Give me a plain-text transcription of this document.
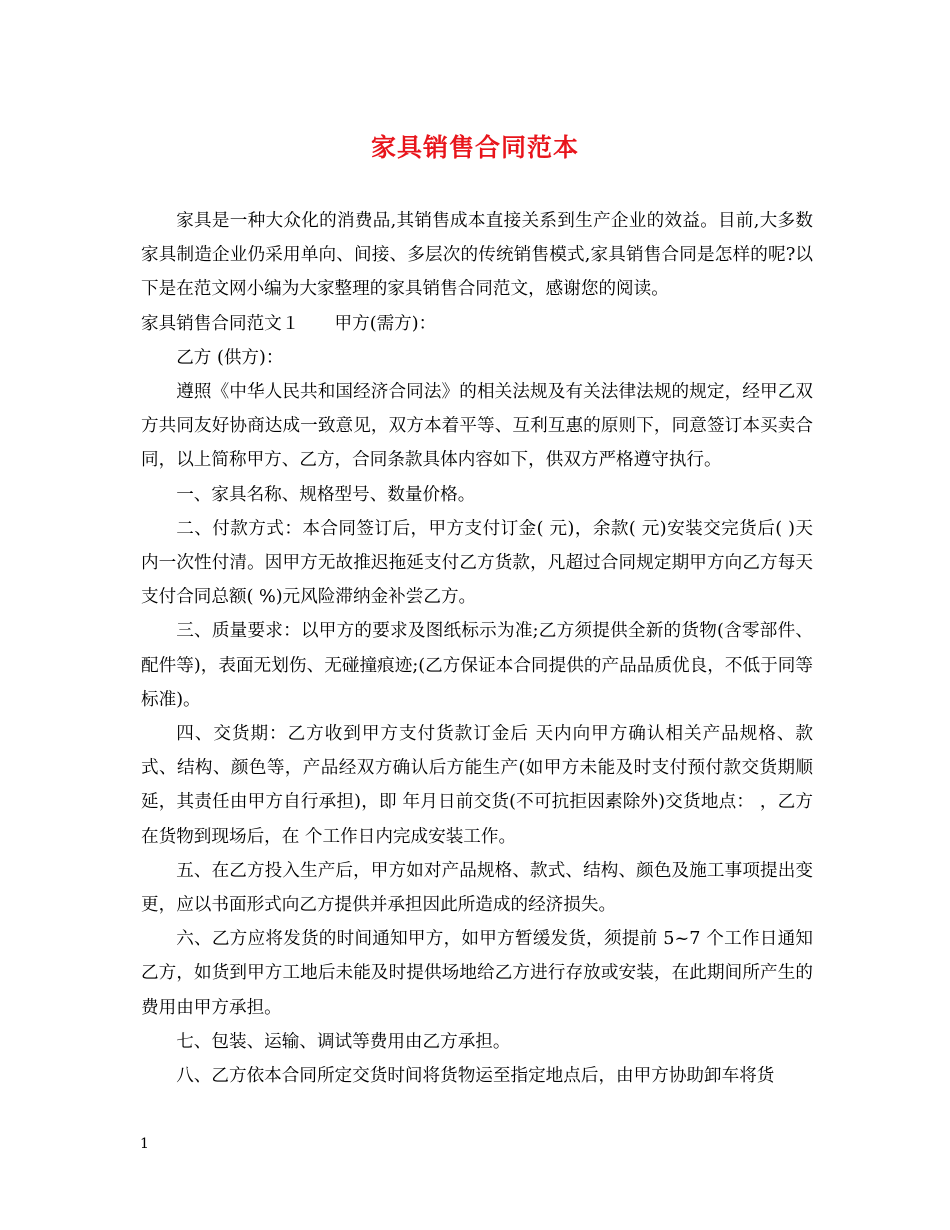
家具销售合同范本

家具是一种大众化的消费品,其销售成本直接关系到生产企业的效益。目前,大多数家具制造企业仍采用单向、间接、多层次的传统销售模式,家具销售合同是怎样的呢?以下是在范文网小编为大家整理的家具销售合同范文，感谢您的阅读。

家具销售合同范文１　　甲方(需方)：

乙方 (供方)：

遵照《中华人民共和国经济合同法》的相关法规及有关法律法规的规定，经甲乙双方共同友好协商达成一致意见，双方本着平等、互利互惠的原则下，同意签订本买卖合同，以上简称甲方、乙方，合同条款具体内容如下，供双方严格遵守执行。

一、家具名称、规格型号、数量价格。

二、付款方式：本合同签订后，甲方支付订金( 元)，余款( 元)安装交完货后( )天内一次性付清。因甲方无故推迟拖延支付乙方货款，凡超过合同规定期甲方向乙方每天支付合同总额( %)元风险滞纳金补尝乙方。

三、质量要求：以甲方的要求及图纸标示为准;乙方须提供全新的货物(含零部件、配件等)，表面无划伤、无碰撞痕迹;(乙方保证本合同提供的产品品质优良，不低于同等标准)。

四、交货期：乙方收到甲方支付货款订金后 天内向甲方确认相关产品规格、款式、结构、颜色等，产品经双方确认后方能生产(如甲方未能及时支付预付款交货期顺延，其责任由甲方自行承担)，即 年月日前交货(不可抗拒因素除外)交货地点： ，乙方在货物到现场后，在 个工作日内完成安装工作。

五、在乙方投入生产后，甲方如对产品规格、款式、结构、颜色及施工事项提出变更，应以书面形式向乙方提供并承担因此所造成的经济损失。

六、乙方应将发货的时间通知甲方，如甲方暂缓发货，须提前 5~7 个工作日通知乙方，如货到甲方工地后未能及时提供场地给乙方进行存放或安装，在此期间所产生的费用由甲方承担。

七、包装、运输、调试等费用由乙方承担。

八、乙方依本合同所定交货时间将货物运至指定地点后，由甲方协助卸车将货

1
